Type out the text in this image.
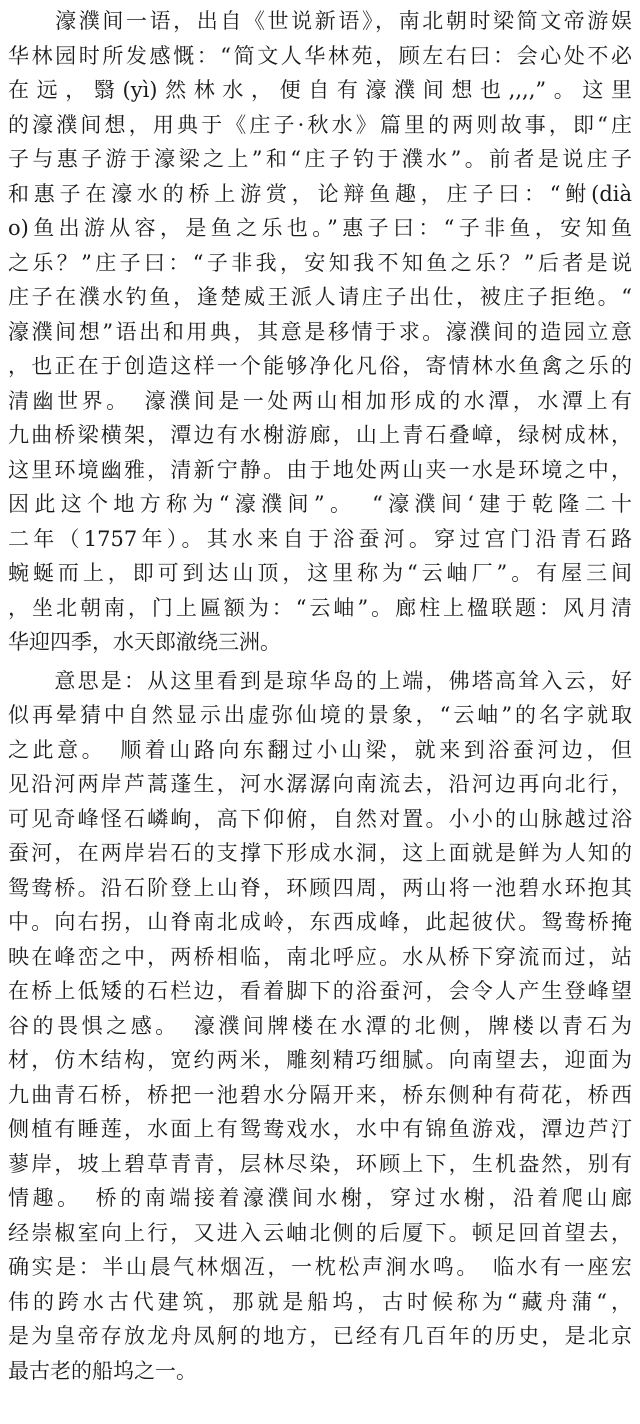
　　濠濮间一语，出自《世说新语》，南北朝时梁简文帝游娱
华林园时所发感慨：“简文人华林苑，顾左右曰：会心处不必
在远，翳(yì)然林水，便自有濠濮间想也,,,,”。这里
的濠濮间想，用典于《庄子·秋水》篇里的两则故事，即“庄
子与惠子游于濠梁之上”和“庄子钓于濮水”。前者是说庄子
和惠子在濠水的桥上游赏，论辩鱼趣，庄子曰：“鲋(dià
o)鱼出游从容，是鱼之乐也。”惠子曰：“子非鱼，安知鱼
之乐？”庄子曰：“子非我，安知我不知鱼之乐？”后者是说
庄子在濮水钓鱼，逢楚威王派人请庄子出仕，被庄子拒绝。“
濠濮间想”语出和用典，其意是移情于求。濠濮间的造园立意
，也正在于创造这样一个能够净化凡俗，寄情林水鱼禽之乐的
清幽世界。　濠濮间是一处两山相加形成的水潭，水潭上有
九曲桥梁横架，潭边有水榭游廊，山上青石叠嶂，绿树成林，
这里环境幽雅，清新宁静。由于地处两山夹一水是环境之中，
因此这个地方称为“濠濮间”。　“濠濮间‘建于乾隆二十
二年（1757年）。其水来自于浴蚕河。穿过宫门沿青石路
蜿蜒而上，即可到达山顶，这里称为“云岫厂”。有屋三间
，坐北朝南，门上匾额为：“云岫”。廊柱上楹联题：风月清
华迎四季，水天郎澈绕三洲。
　　意思是：从这里看到是琼华岛的上端，佛塔高耸入云，好
似再晕猜中自然显示出虚弥仙境的景象，“云岫”的名字就取
之此意。　顺着山路向东翻过小山梁，就来到浴蚕河边，但
见沿河两岸芦蒿蓬生，河水潺潺向南流去，沿河边再向北行，
可见奇峰怪石嶙峋，高下仰俯，自然对置。小小的山脉越过浴
蚕河，在两岸岩石的支撑下形成水洞，这上面就是鲜为人知的
鸳鸯桥。沿石阶登上山脊，环顾四周，两山将一池碧水环抱其
中。向右拐，山脊南北成岭，东西成峰，此起彼伏。鸳鸯桥掩
映在峰峦之中，两桥相临，南北呼应。水从桥下穿流而过，站
在桥上低矮的石栏边，看着脚下的浴蚕河，会令人产生登峰望
谷的畏惧之感。　濠濮间牌楼在水潭的北侧，牌楼以青石为
材，仿木结构，宽约两米，雕刻精巧细腻。向南望去，迎面为
九曲青石桥，桥把一池碧水分隔开来，桥东侧种有荷花，桥西
侧植有睡莲，水面上有鸳鸯戏水，水中有锦鱼游戏，潭边芦汀
蓼岸，坡上碧草青青，层林尽染，环顾上下，生机盎然，别有
情趣。　桥的南端接着濠濮间水榭，穿过水榭，沿着爬山廊
经崇椒室向上行，又进入云岫北侧的后厦下。顿足回首望去，
确实是：半山晨气林烟冱，一枕松声涧水鸣。　临水有一座宏
伟的跨水古代建筑，那就是船坞，古时候称为“藏舟蒲“，
是为皇帝存放龙舟凤舸的地方，已经有几百年的历史，是北京
最古老的船坞之一。
